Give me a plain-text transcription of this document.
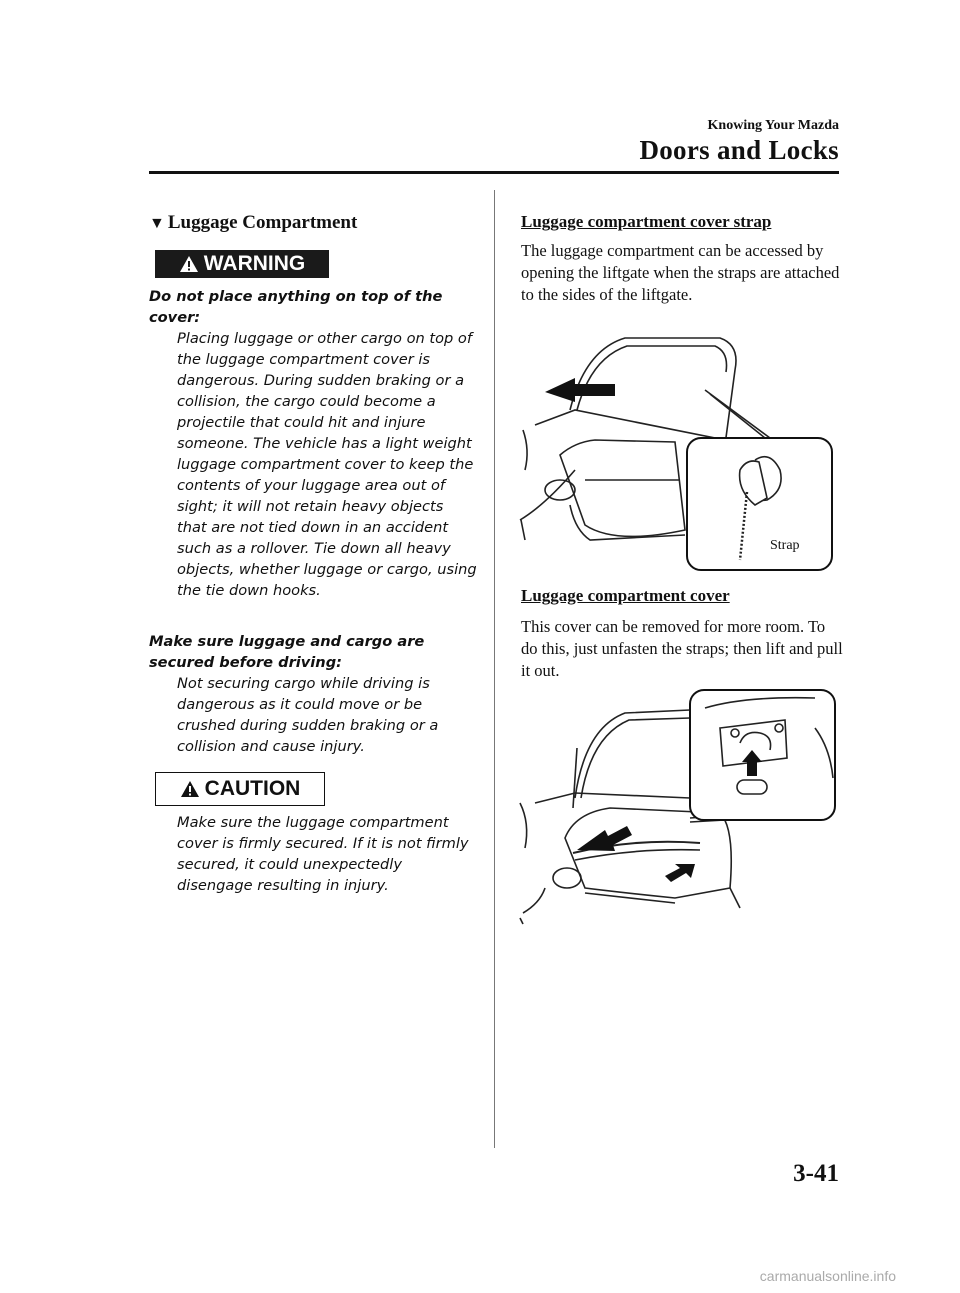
Knowing Your Mazda
Doors and Locks
▼ Luggage Compartment
WARNING
Do not place anything on top of the cover:
Placing luggage or other cargo on top of the luggage compartment cover is dangerous. During sudden braking or a collision, the cargo could become a projectile that could hit and injure someone. The vehicle has a light weight luggage compartment cover to keep the contents of your luggage area out of sight; it will not retain heavy objects that are not tied down in an accident such as a rollover. Tie down all heavy objects, whether luggage or cargo, using the tie down hooks.
Make sure luggage and cargo are secured before driving:
Not securing cargo while driving is dangerous as it could move or be crushed during sudden braking or a collision and cause injury.
CAUTION
Make sure the luggage compartment cover is firmly secured. If it is not firmly secured, it could unexpectedly disengage resulting in injury.
Luggage compartment cover strap
The luggage compartment can be accessed by opening the liftgate when the straps are attached to the sides of the liftgate.
Strap
Luggage compartment cover
This cover can be removed for more room. To do this, just unfasten the straps; then lift and pull it out.
3-41
carmanualsonline.info
